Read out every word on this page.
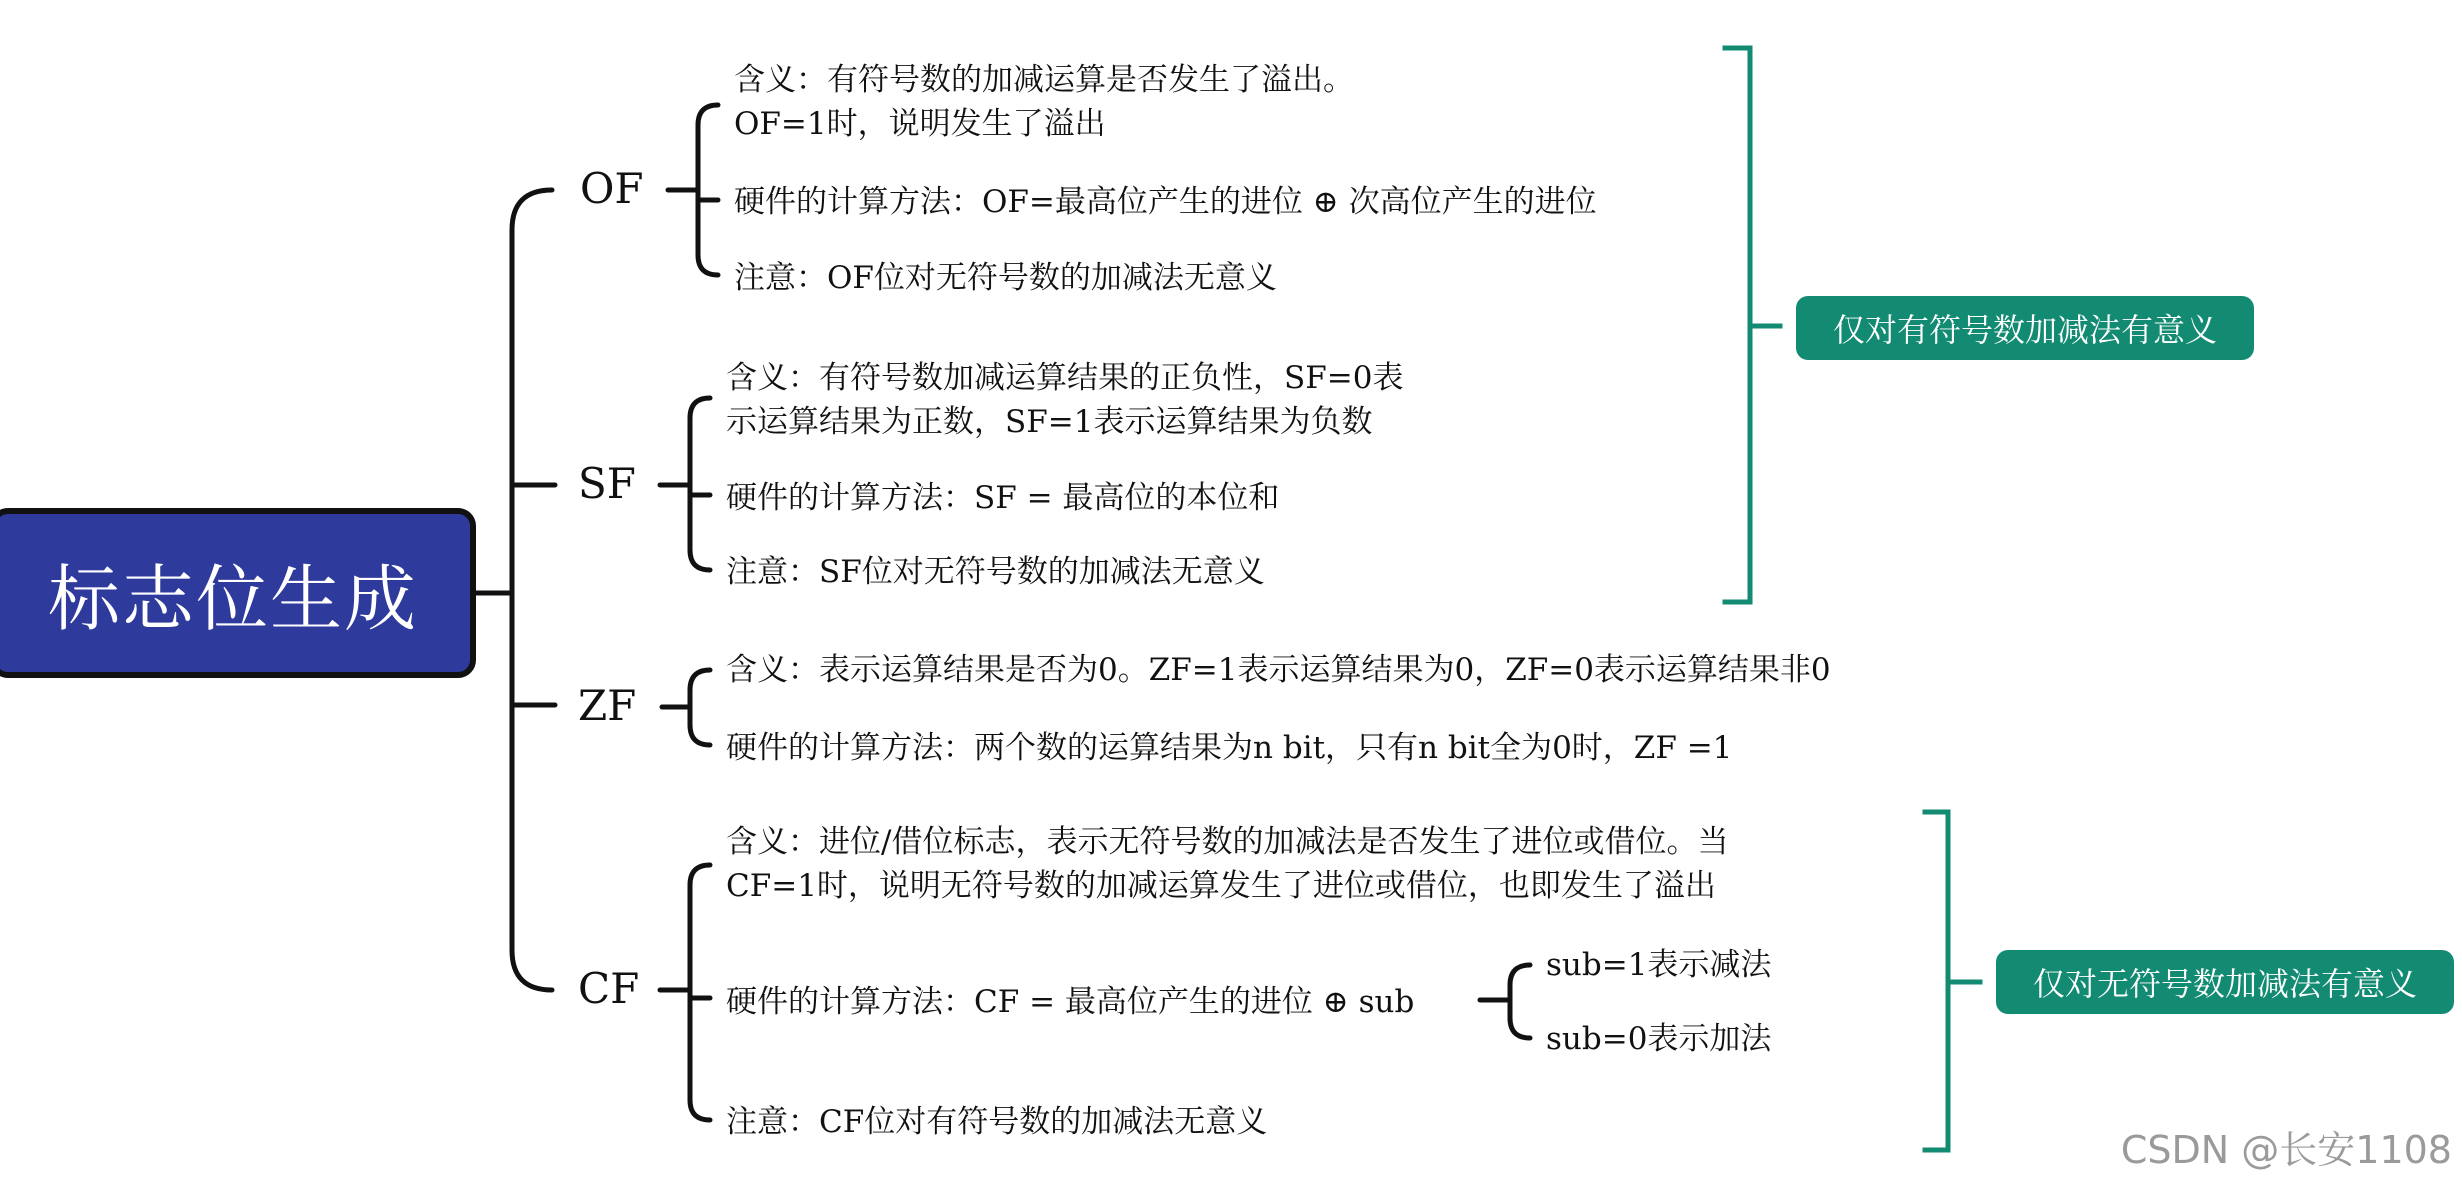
标志位生成
OF
含义：有符号数的加减运算是否发生了溢出。
OF=1时，说明发生了溢出
硬件的计算方法：OF=最高位产生的进位 ⊕ 次高位产生的进位
注意：OF位对无符号数的加减法无意义
SF
含义：有符号数加减运算结果的正负性，SF=0表
示运算结果为正数，SF=1表示运算结果为负数
硬件的计算方法：SF = 最高位的本位和
注意：SF位对无符号数的加减法无意义
ZF
含义：表示运算结果是否为0。ZF=1表示运算结果为0，ZF=0表示运算结果非0
硬件的计算方法：两个数的运算结果为n bit，只有n bit全为0时，ZF =1
CF
含义：进位/借位标志，表示无符号数的加减法是否发生了进位或借位。当
CF=1时，说明无符号数的加减运算发生了进位或借位，也即发生了溢出
硬件的计算方法：CF = 最高位产生的进位 ⊕ sub
sub=1表示减法
sub=0表示加法
注意：CF位对有符号数的加减法无意义
仅对有符号数加减法有意义
仅对无符号数加减法有意义
CSDN @长安1108
